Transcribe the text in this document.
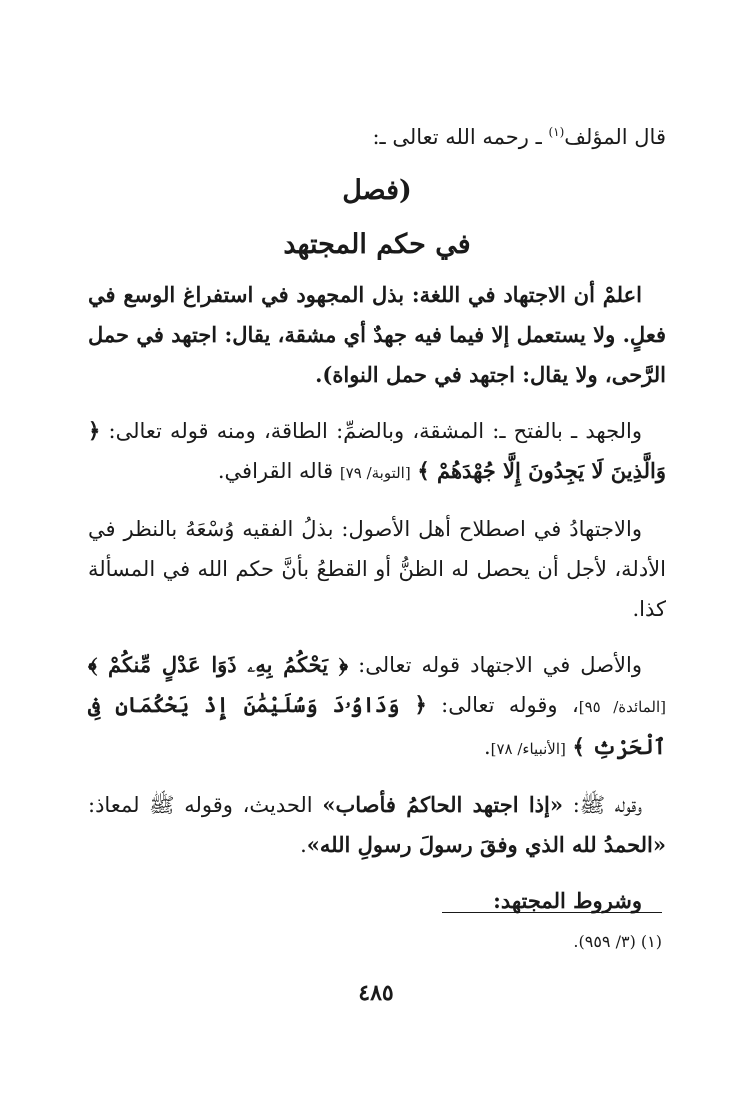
قال المؤلف$^{(١)}$ ـ رحمه الله تعالى ـ:

(فصل
في حكم المجتهد

اعلمْ أن الاجتهاد في اللغة: بذل المجهود في استفراغ الوسع في فعلٍ. ولا يستعمل إلا فيما فيه جهدٌ أي مشقة، يقال: اجتهد في حمل الرَّحى، ولا يقال: اجتهد في حمل النواة).

والجهد ـ بالفتح ـ: المشقة، وبالضمِّ: الطاقة، ومنه قوله تعالى: ﴿ وَالَّذِينَ لَا يَجِدُونَ إِلَّا جُهْدَهُمْ ﴾ [التوبة/ ٧٩] قاله القرافي.

والاجتهادُ في اصطلاح أهل الأصول: بذلُ الفقيه وُسْعَهُ بالنظر في الأدلة، لأجل أن يحصل له الظنُّ أو القطعُ بأنَّ حكم الله في المسألة كذا.

والأصل في الاجتهاد قوله تعالى: ﴿ يَحْكُمُ بِهِۦ ذَوَا عَدْلٍ مِّنكُمْ ﴾ [المائدة/ ٩٥]، وقوله تعالى: ﴿ وَدَاوُۥدَ وَسُلَيْمَٰنَ إِذْ يَحْكُمَانِ فِى ٱلْحَرْثِ ﴾ [الأنبياء/ ٧٨].

وقوله ﷺ: «إذا اجتهد الحاكمُ فأصاب» الحديث، وقوله ﷺ لمعاذ: «الحمدُ لله الذي وفقَ رسولَ رسولِ الله».

وشروط المجتهد:

(١) (٣/ ٩٥٩).
٤٨٥
